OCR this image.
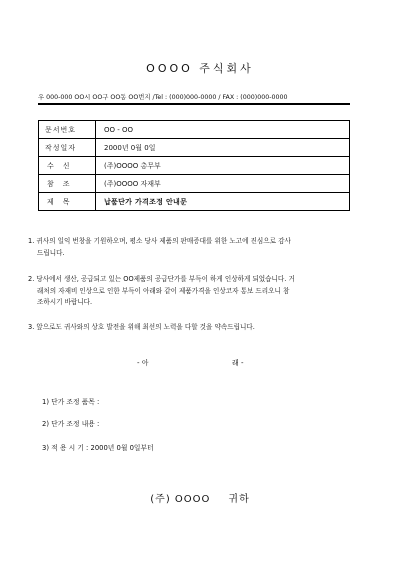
OOOO 주식회사
우 000-000 OO시 OO구 OO동 OO번지 /Tel : (000)000-0000 / FAX : (000)000-0000
문서번호	OO - OO
작성일자	2000년 0월 0일
수신	(주)OOOO 총무부
참조	(주)OOOO 자재부
제목	납품단가 가격조정 안내문
1. 귀사의 일익 번창을 기원하오며, 평소 당사 제품의 판매증대를 위한 노고에 진심으로 감사
드립니다.
2. 당사에서 생산, 공급되고 있는 OO제품의 공급단가를 부득이 하게 인상하게 되었습니다. 거
래처의 자재비 인상으로 인한 부득이 아래와 같이 제품가격을 인상코자 통보 드리오니 참
조하시기 바랍니다.
3. 앞으로도 귀사와의 상호 발전을 위해 최선의 노력을 다할 것을 약속드립니다.
- 아	래 -
1) 단가 조정 품목 :
2) 단가 조정 내용 :
3) 적 용 시 기 : 2000년 0월 0일부터
(주) OOOO 귀하
